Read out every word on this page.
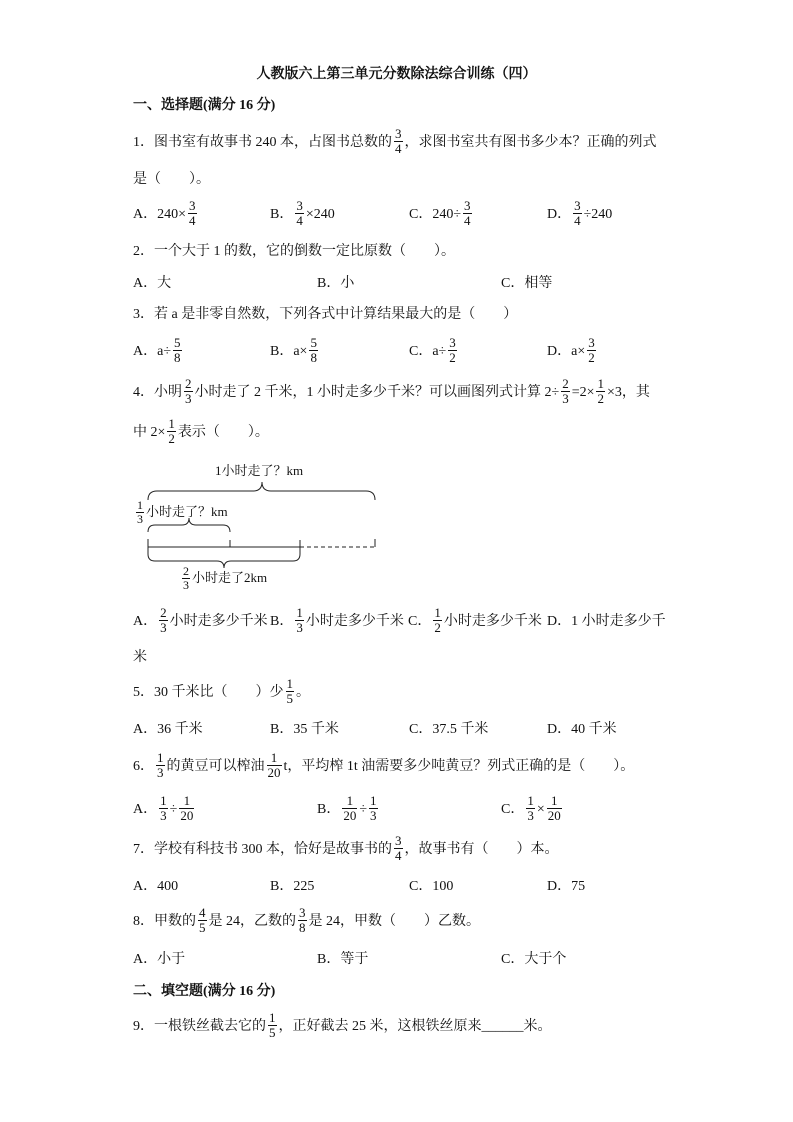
人教版六上第三单元分数除法综合训练（四）
一、选择题(满分 16 分)
1．图书室有故事书 240 本，占图书总数的 $\frac{3}{4}$ ，求图书室共有图书多少本？正确的列式
是（　　）。
A．$240\times \frac{3}{4}$	B． $\frac{3}{4} \times 240$	C．$240\div \frac{3}{4}$	D． $\frac{3}{4} \div 240$
2．一个大于 1 的数，它的倒数一定比原数（　　）。
A．大	B．小	C．相等
3．若 a 是非零自然数，下列各式中计算结果最大的是（　　）
A．$a\div \frac{5}{8}$	B．$a\times \frac{5}{8}$	C．$a\div \frac{3}{2}$	D．$a\times \frac{3}{2}$
4．小明 $\frac{2}{3}$ 小时走了 2 千米，1 小时走多少千米？可以画图列式计算 $2\div \frac{2}{3} =2\times \frac{1}{2} \times 3$，其
中 $2\times \frac{1}{2}$ 表示（　　）。
1小时走了？km
$\frac{1}{3}$ 小时走了？km
$\frac{2}{3}$ 小时走了2km
A． $\frac{2}{3}$ 小时走多少千米 B． $\frac{1}{3}$ 小时走多少千米 C． $\frac{1}{2}$ 小时走多少千米 D．1 小时走多少千
米
5．30 千米比（　　）少 $\frac{1}{5}$ 。
A．36 千米	B．35 千米	C．37.5 千米	D．40 千米
6． $\frac{1}{3}$ 的黄豆可以榨油 $\frac{1}{20}$ t，平均榨 1t 油需要多少吨黄豆？列式正确的是（　　）。
A． $\frac{1}{3} \div \frac{1}{20}$	B． $\frac{1}{20} \div \frac{1}{3}$	C． $\frac{1}{3} \times \frac{1}{20}$
7．学校有科技书 300 本，恰好是故事书的 $\frac{3}{4}$ ，故事书有（　　）本。
A．400	B．225	C．100	D．75
8．甲数的 $\frac{4}{5}$ 是 24，乙数的 $\frac{3}{8}$ 是 24，甲数（　　）乙数。
A．小于	B．等于	C．大于个
二、填空题(满分 16 分)
9．一根铁丝截去它的 $\frac{1}{5}$ ，正好截去 25 米，这根铁丝原来______米。
